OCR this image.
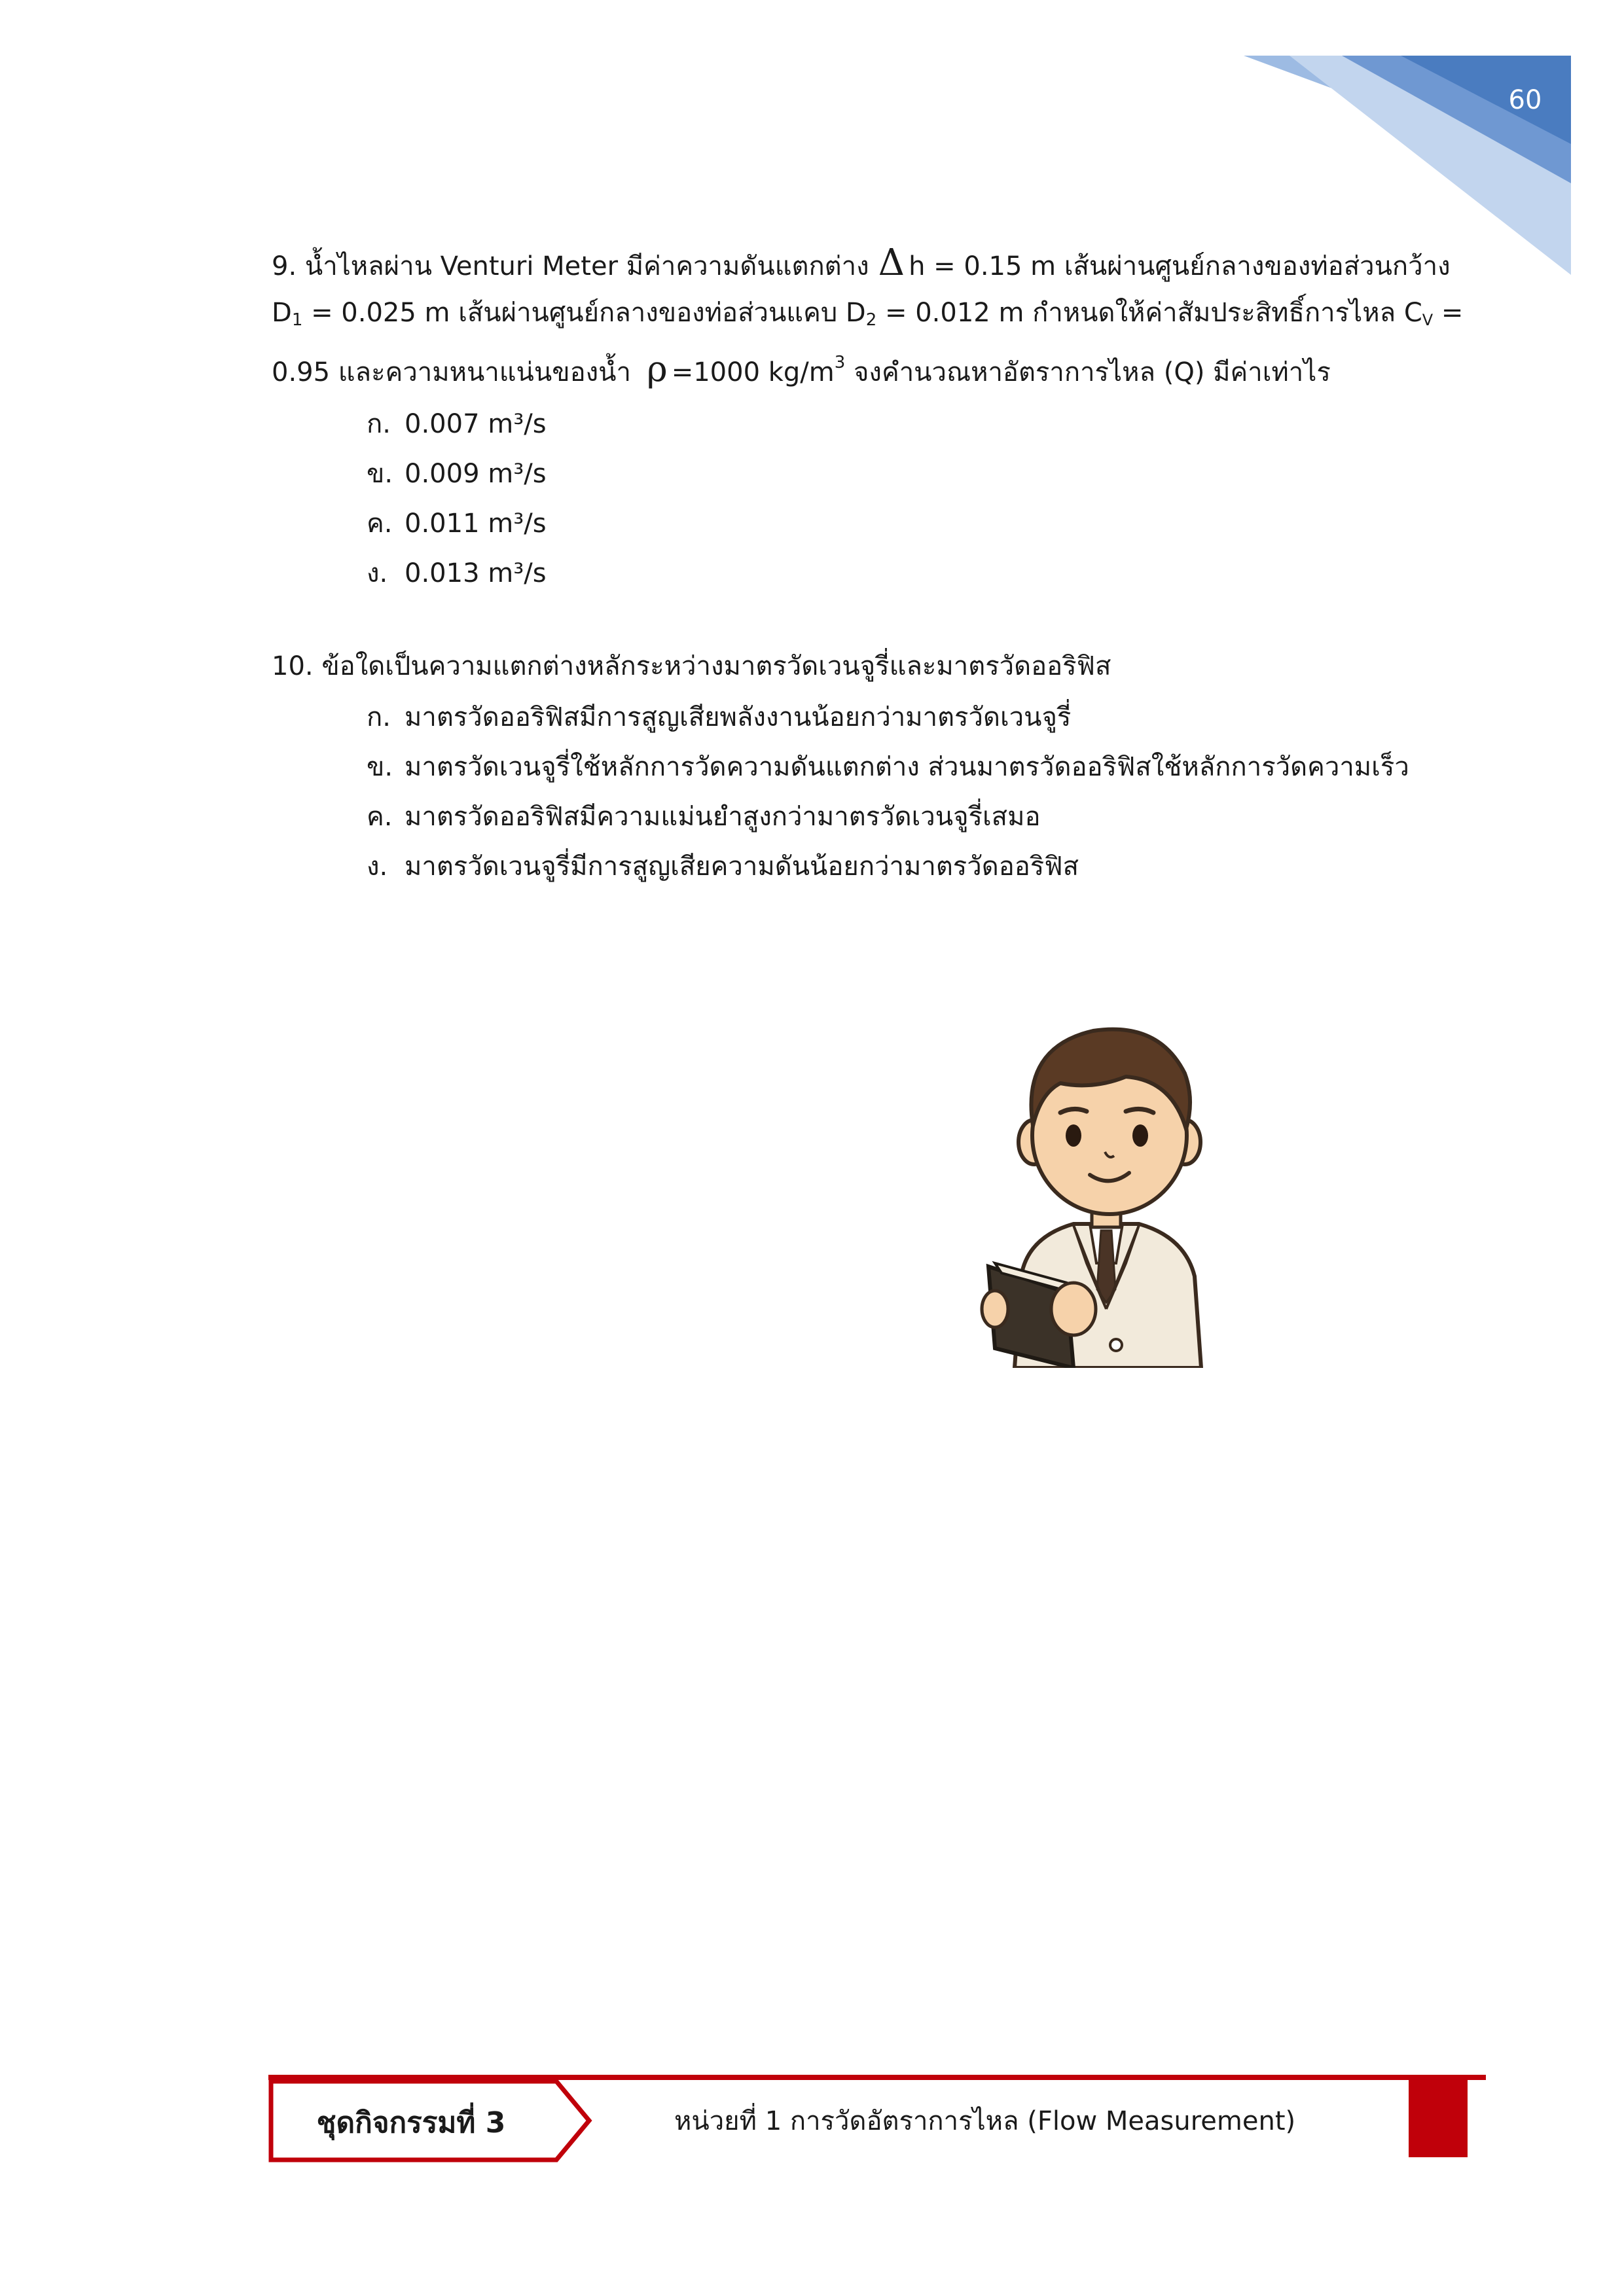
60
9. น้ำไหลผ่าน Venturi Meter มีค่าความดันแตกต่าง Δ h = 0.15 m เส้นผ่านศูนย์กลางของท่อส่วนกว้าง
$D_1 = 0.025$ m เส้นผ่านศูนย์กลางของท่อส่วนแคบ $D_2 = 0.012$ m กำหนดให้ค่าสัมประสิทธิ์การไหล $C_V$ =
0.95 และความหนาแน่นของน้ำ ρ =1000 $kg/m^3$ จงคำนวณหาอัตราการไหล (Q) มีค่าเท่าไร
ก. 0.007 m³/s
ข. 0.009 m³/s
ค. 0.011 m³/s
ง. 0.013 m³/s
10. ข้อใดเป็นความแตกต่างหลักระหว่างมาตรวัดเวนจูรี่และมาตรวัดออริฟิส
ก. มาตรวัดออริฟิสมีการสูญเสียพลังงานน้อยกว่ามาตรวัดเวนจูรี่
ข. มาตรวัดเวนจูรี่ใช้หลักการวัดความดันแตกต่าง ส่วนมาตรวัดออริฟิสใช้หลักการวัดความเร็ว
ค. มาตรวัดออริฟิสมีความแม่นยำสูงกว่ามาตรวัดเวนจูรี่เสมอ
ง. มาตรวัดเวนจูรี่มีการสูญเสียความดันน้อยกว่ามาตรวัดออริฟิส
ชุดกิจกรรมที่ 3	หน่วยที่ 1 การวัดอัตราการไหล (Flow Measurement)
